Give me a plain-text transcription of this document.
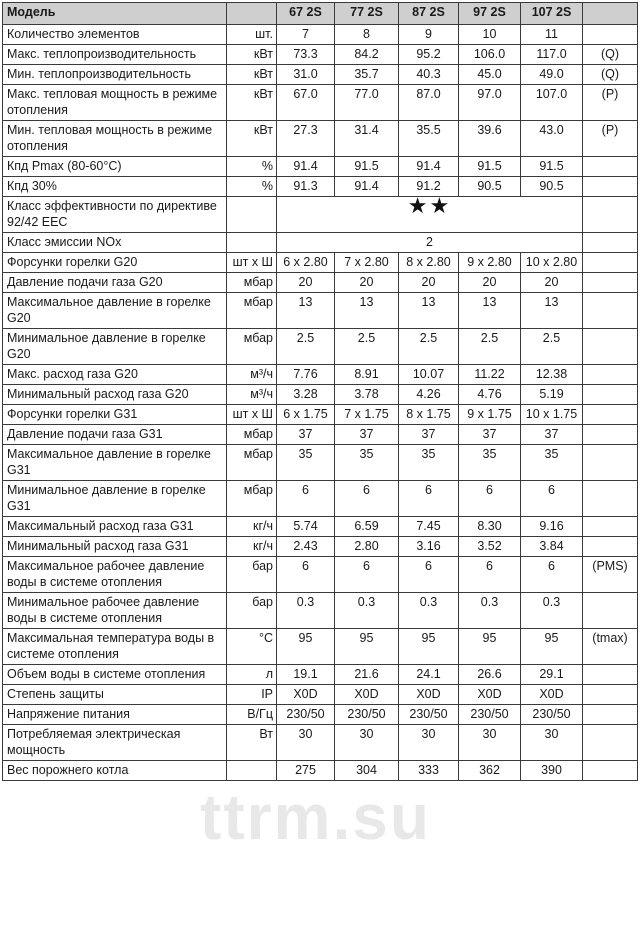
Модель		67 2S	77 2S	87 2S	97 2S	107 2S	
Количество элементов	шт.	7	8	9	10	11	
Макс. теплопроизводительность	кВт	73.3	84.2	95.2	106.0	117.0	(Q)
Мин. теплопроизводительность	кВт	31.0	35.7	40.3	45.0	49.0	(Q)
Макс. тепловая мощность в режиме отопления	кВт	67.0	77.0	87.0	97.0	107.0	(P)
Мин. тепловая мощность в режиме отопления	кВт	27.3	31.4	35.5	39.6	43.0	(P)
Кпд Pmax (80-60°C)	%	91.4	91.5	91.4	91.5	91.5	
Кпд 30%	%	91.3	91.4	91.2	90.5	90.5	
Класс эффективности по директиве 92/42 EEC		★★					
Класс эмиссии NOx		2					
Форсунки горелки G20	шт x Ш	6 x 2.80	7 x 2.80	8 x 2.80	9 x 2.80	10 x 2.80	
Давление подачи газа G20	мбар	20	20	20	20	20	
Максимальное давление в горелке G20	мбар	13	13	13	13	13	
Минимальное давление в горелке G20	мбар	2.5	2.5	2.5	2.5	2.5	
Макс. расход газа G20	м³/ч	7.76	8.91	10.07	11.22	12.38	
Минимальный расход газа G20	м³/ч	3.28	3.78	4.26	4.76	5.19	
Форсунки горелки G31	шт x Ш	6 x 1.75	7 x 1.75	8 x 1.75	9 x 1.75	10 x 1.75	
Давление подачи газа G31	мбар	37	37	37	37	37	
Максимальное давление в горелке G31	мбар	35	35	35	35	35	
Минимальное давление в горелке G31	мбар	6	6	6	6	6	
Максимальный расход газа G31	кг/ч	5.74	6.59	7.45	8.30	9.16	
Минимальный расход газа G31	кг/ч	2.43	2.80	3.16	3.52	3.84	
Максимальное рабочее давление воды в системе отопления	бар	6	6	6	6	6	(PMS)
Минимальное рабочее давление воды в системе отопления	бар	0.3	0.3	0.3	0.3	0.3	
Максимальная температура воды в системе отопления	°C	95	95	95	95	95	(tmax)
Объем воды в системе отопления	л	19.1	21.6	24.1	26.6	29.1	
Степень защиты	IP	X0D	X0D	X0D	X0D	X0D	
Напряжение питания	В/Гц	230/50	230/50	230/50	230/50	230/50	
Потребляемая электрическая мощность	Вт	30	30	30	30	30	
Вес порожнего котла		275	304	333	362	390	
ttrm.su
